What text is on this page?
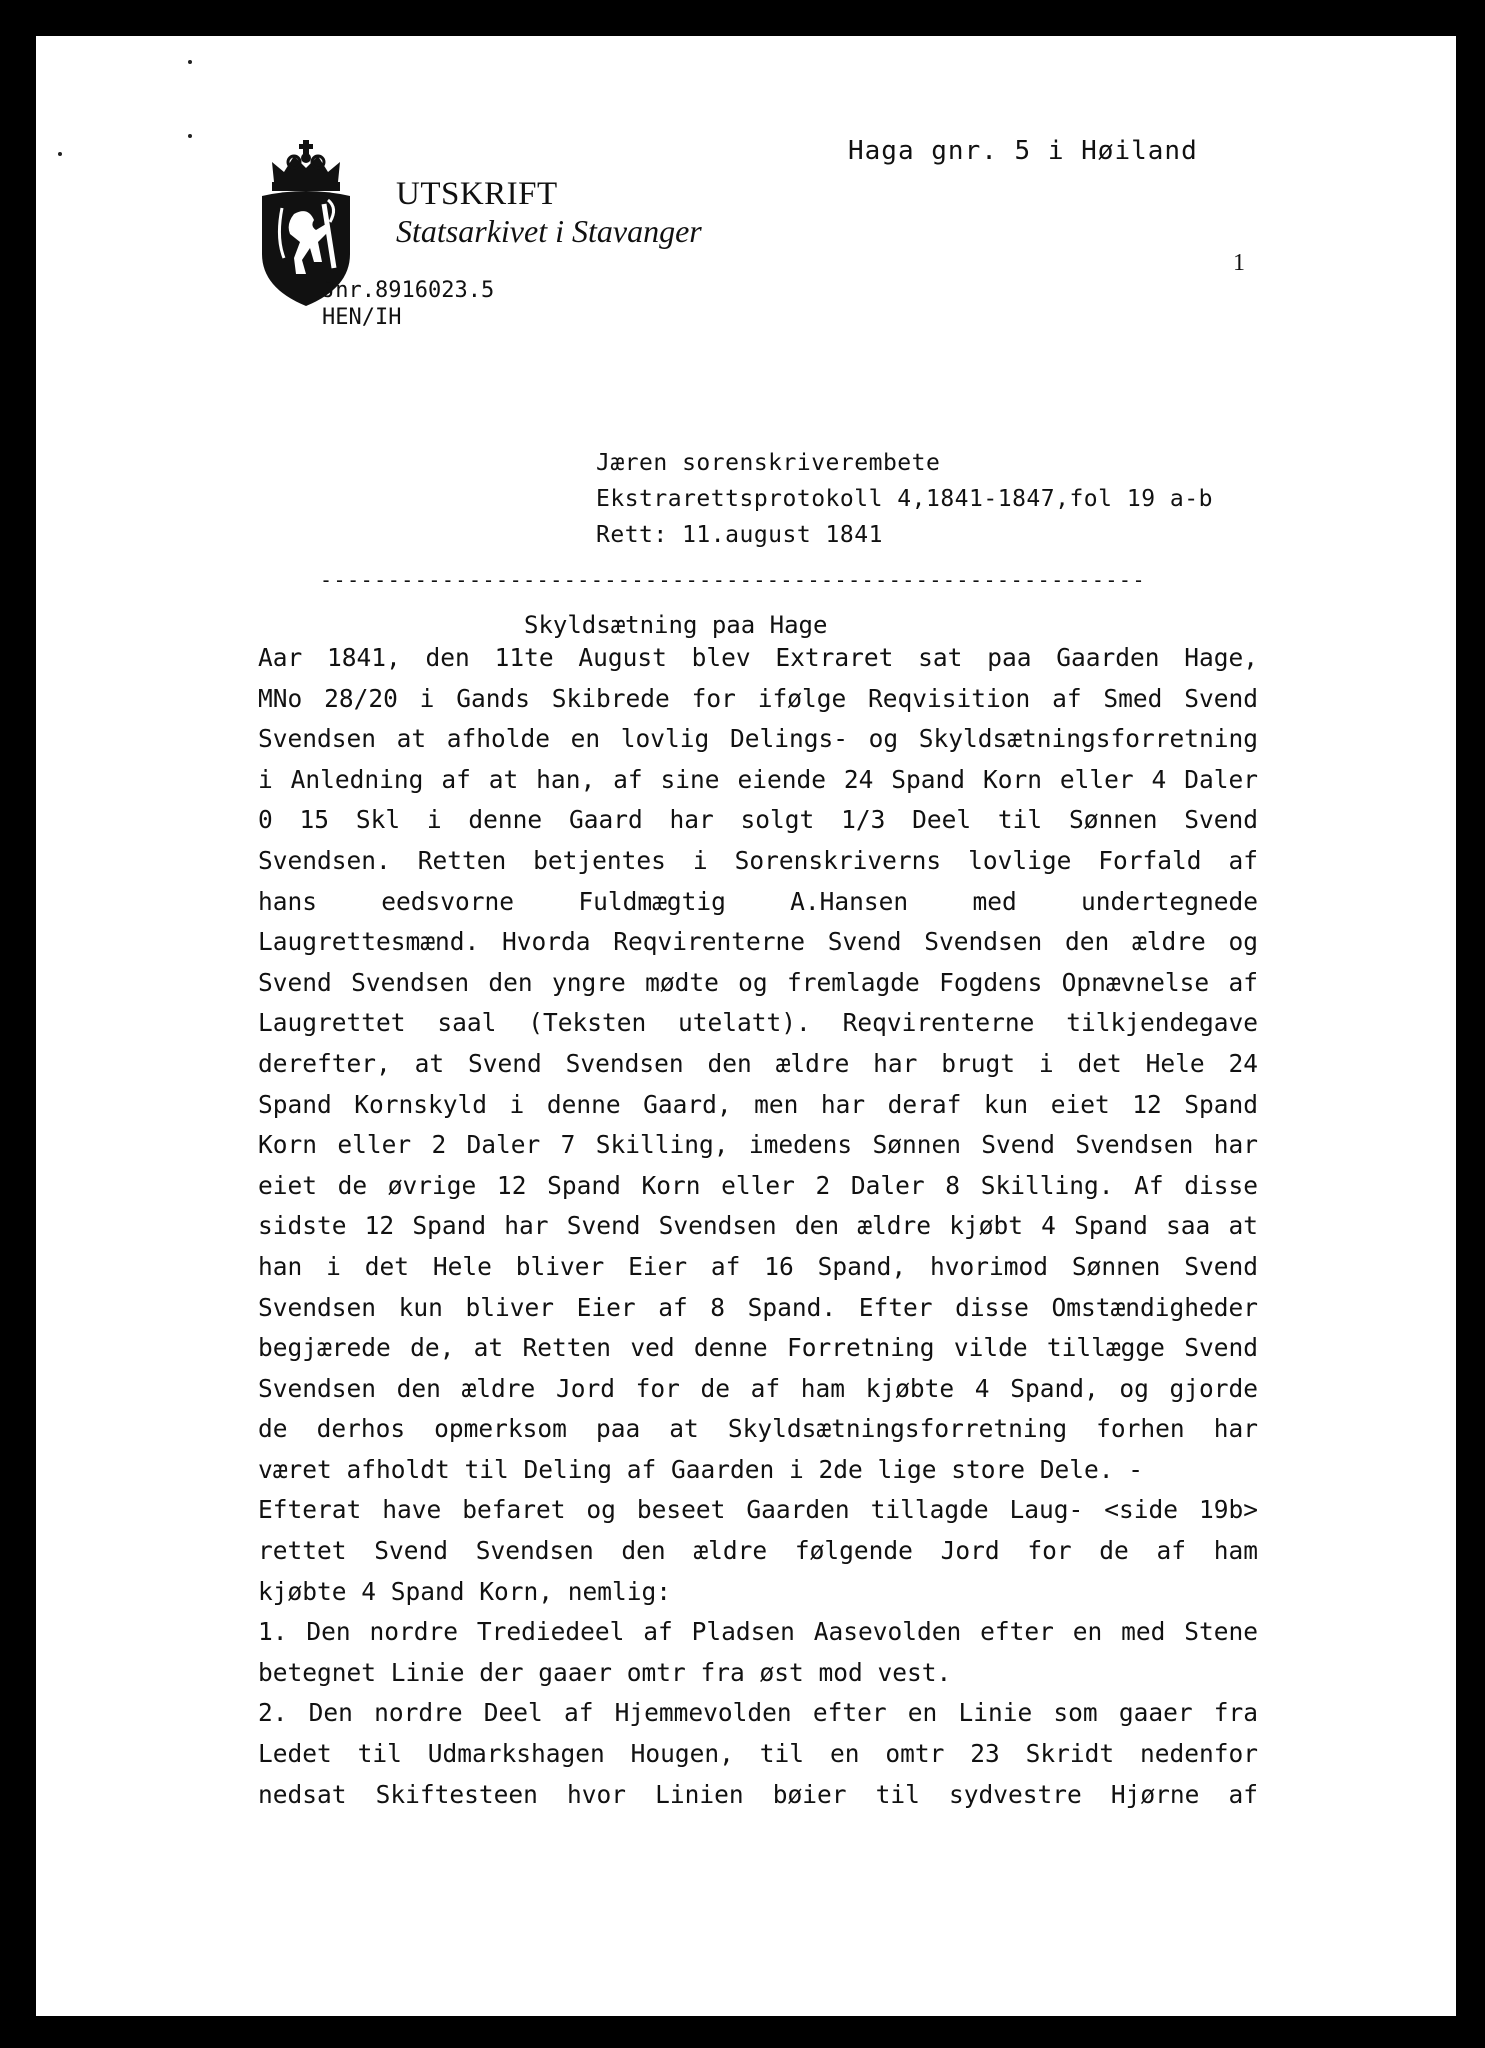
UTSKRIFT
Statsarkivet i Stavanger
Haga gnr. 5 i Høiland
1
Jnr.8916023.5
HEN/IH
Jæren sorenskriverembete
Ekstrarettsprotokoll 4,1841-1847,fol 19 a-b
Rett: 11.august 1841
-------------------------------------------------------------
Skyldsætning paa Hage

Aar 1841, den 11te August blev Extraret sat paa Gaarden Hage,

MNo 28/20 i Gands Skibrede for ifølge Reqvisition af Smed Svend

Svendsen at afholde en lovlig Delings- og Skyldsætningsforretning

i Anledning af at han, af sine eiende 24 Spand Korn eller 4 Daler

0 15 Skl i denne Gaard har solgt 1/3 Deel til Sønnen Svend

Svendsen. Retten betjentes i Sorenskriverns lovlige Forfald af

hans eedsvorne Fuldmægtig A.Hansen med undertegnede

Laugrettesmænd. Hvorda Reqvirenterne Svend Svendsen den ældre og

Svend Svendsen den yngre mødte og fremlagde Fogdens Opnævnelse af

Laugrettet saal (Teksten utelatt). Reqvirenterne tilkjendegave

derefter, at Svend Svendsen den ældre har brugt i det Hele 24

Spand Kornskyld i denne Gaard, men har deraf kun eiet 12 Spand

Korn eller 2 Daler 7 Skilling, imedens Sønnen Svend Svendsen har

eiet de øvrige 12 Spand Korn eller 2 Daler 8 Skilling. Af disse

sidste 12 Spand har Svend Svendsen den ældre kjøbt 4 Spand saa at

han i det Hele bliver Eier af 16 Spand, hvorimod Sønnen Svend

Svendsen kun bliver Eier af 8 Spand. Efter disse Omstændigheder

begjærede de, at Retten ved denne Forretning vilde tillægge Svend

Svendsen den ældre Jord for de af ham kjøbte 4 Spand, og gjorde

de derhos opmerksom paa at Skyldsætningsforretning forhen har

været afholdt til Deling af Gaarden i 2de lige store Dele. -

Efterat have befaret og beseet Gaarden tillagde Laug- <side 19b>

rettet Svend Svendsen den ældre følgende Jord for de af ham

kjøbte 4 Spand Korn, nemlig:

1. Den nordre Trediedeel af Pladsen Aasevolden efter en med Stene

betegnet Linie der gaaer omtr fra øst mod vest.

2. Den nordre Deel af Hjemmevolden efter en Linie som gaaer fra

Ledet til Udmarkshagen Hougen, til en omtr 23 Skridt nedenfor

nedsat Skiftesteen hvor Linien bøier til sydvestre Hjørne af
